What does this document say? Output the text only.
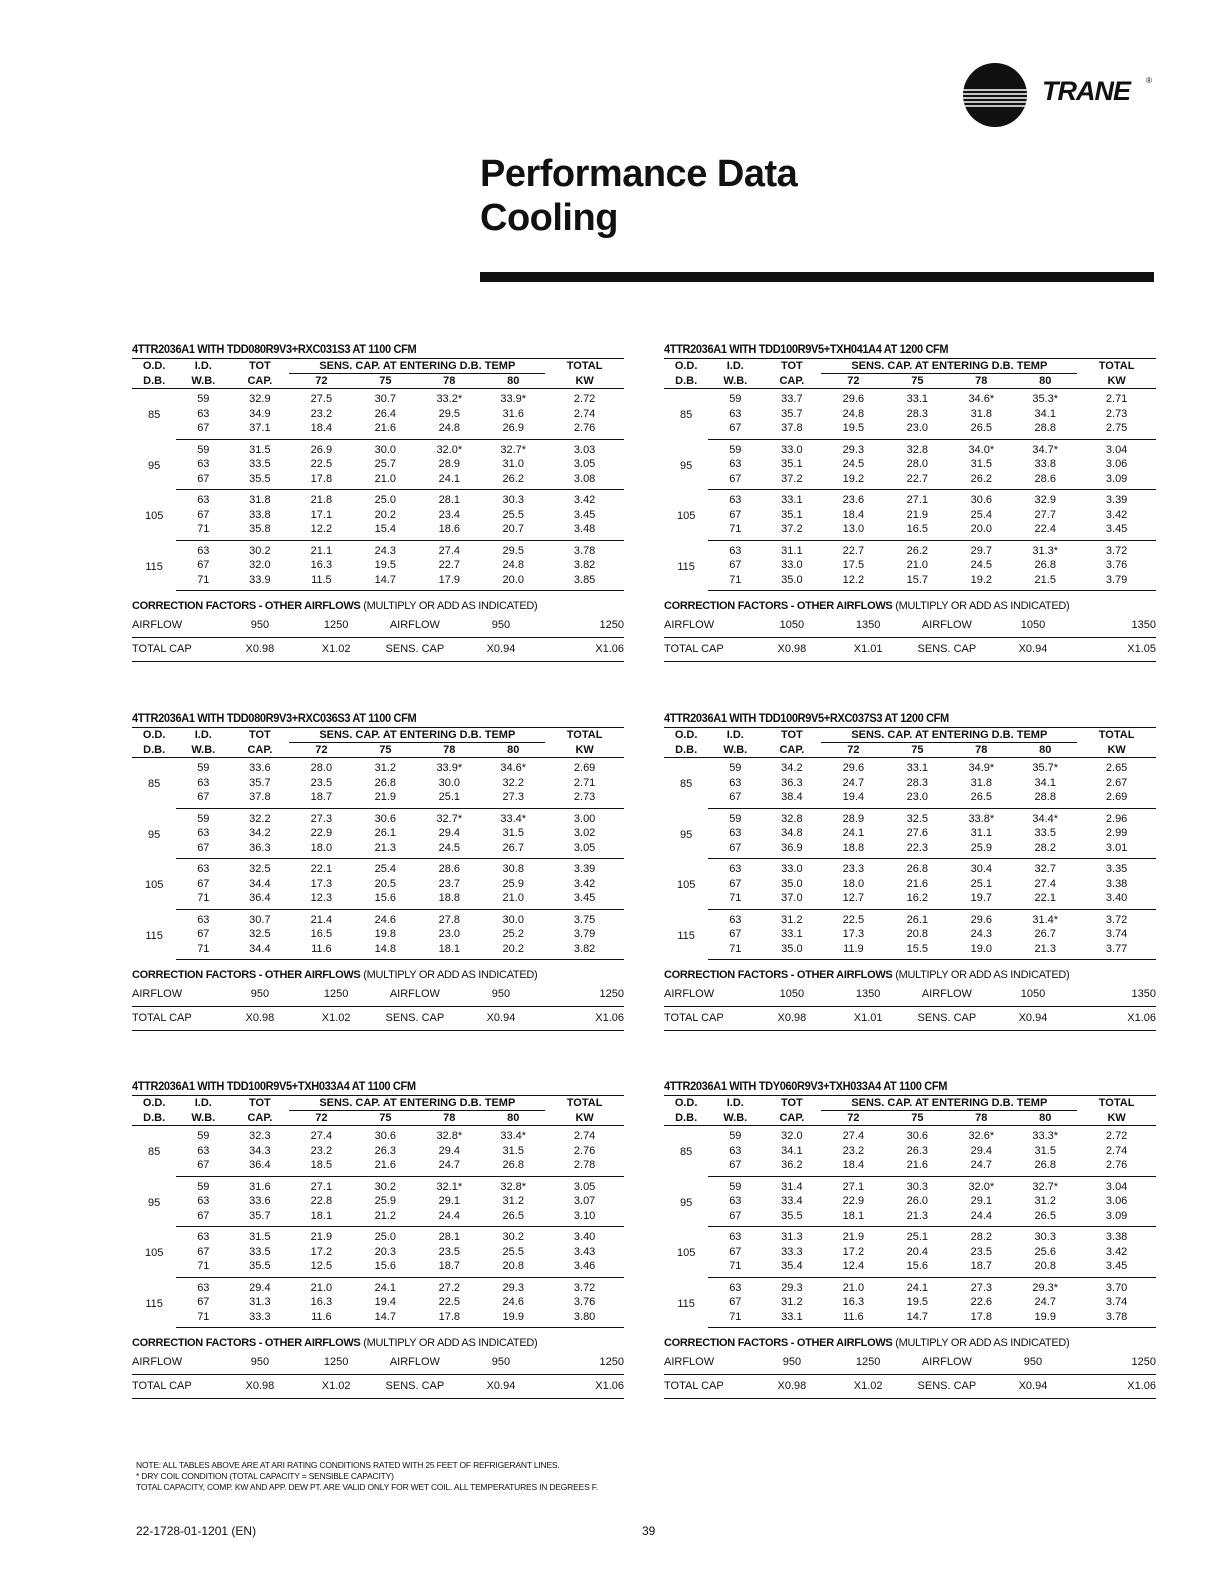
TRANE ®
Performance Data
Cooling
4TTR2036A1 WITH TDD080R9V3+RXC031S3 AT 1100 CFM
O.D.	I.D.	TOT	SENS. CAP. AT ENTERING D.B. TEMP				TOTAL
D.B.	W.B.	CAP.	72	75	78	80	KW
85	59	32.9	27.5	30.7	33.2*	33.9*	2.72
	63	34.9	23.2	26.4	29.5	31.6	2.74
	67	37.1	18.4	21.6	24.8	26.9	2.76
95	59	31.5	26.9	30.0	32.0*	32.7*	3.03
	63	33.5	22.5	25.7	28.9	31.0	3.05
	67	35.5	17.8	21.0	24.1	26.2	3.08
105	63	31.8	21.8	25.0	28.1	30.3	3.42
	67	33.8	17.1	20.2	23.4	25.5	3.45
	71	35.8	12.2	15.4	18.6	20.7	3.48
115	63	30.2	21.1	24.3	27.4	29.5	3.78
	67	32.0	16.3	19.5	22.7	24.8	3.82
	71	33.9	11.5	14.7	17.9	20.0	3.85
CORRECTION FACTORS - OTHER AIRFLOWS (MULTIPLY OR ADD AS INDICATED)
AIRFLOW	950	1250	AIRFLOW	950	1250
TOTAL CAP	X0.98	X1.02	SENS. CAP	X0.94	X1.06
4TTR2036A1 WITH TDD100R9V5+TXH041A4 AT 1200 CFM
O.D.	I.D.	TOT	SENS. CAP. AT ENTERING D.B. TEMP				TOTAL
D.B.	W.B.	CAP.	72	75	78	80	KW
85	59	33.7	29.6	33.1	34.6*	35.3*	2.71
	63	35.7	24.8	28.3	31.8	34.1	2.73
	67	37.8	19.5	23.0	26.5	28.8	2.75
95	59	33.0	29.3	32.8	34.0*	34.7*	3.04
	63	35.1	24.5	28.0	31.5	33.8	3.06
	67	37.2	19.2	22.7	26.2	28.6	3.09
105	63	33.1	23.6	27.1	30.6	32.9	3.39
	67	35.1	18.4	21.9	25.4	27.7	3.42
	71	37.2	13.0	16.5	20.0	22.4	3.45
115	63	31.1	22.7	26.2	29.7	31.3*	3.72
	67	33.0	17.5	21.0	24.5	26.8	3.76
	71	35.0	12.2	15.7	19.2	21.5	3.79
CORRECTION FACTORS - OTHER AIRFLOWS (MULTIPLY OR ADD AS INDICATED)
AIRFLOW	1050	1350	AIRFLOW	1050	1350
TOTAL CAP	X0.98	X1.01	SENS. CAP	X0.94	X1.05
4TTR2036A1 WITH TDD080R9V3+RXC036S3 AT 1100 CFM
O.D.	I.D.	TOT	SENS. CAP. AT ENTERING D.B. TEMP				TOTAL
D.B.	W.B.	CAP.	72	75	78	80	KW
85	59	33.6	28.0	31.2	33.9*	34.6*	2.69
	63	35.7	23.5	26.8	30.0	32.2	2.71
	67	37.8	18.7	21.9	25.1	27.3	2.73
95	59	32.2	27.3	30.6	32.7*	33.4*	3.00
	63	34.2	22.9	26.1	29.4	31.5	3.02
	67	36.3	18.0	21.3	24.5	26.7	3.05
105	63	32.5	22.1	25.4	28.6	30.8	3.39
	67	34.4	17.3	20.5	23.7	25.9	3.42
	71	36.4	12.3	15.6	18.8	21.0	3.45
115	63	30.7	21.4	24.6	27.8	30.0	3.75
	67	32.5	16.5	19.8	23.0	25.2	3.79
	71	34.4	11.6	14.8	18.1	20.2	3.82
CORRECTION FACTORS - OTHER AIRFLOWS (MULTIPLY OR ADD AS INDICATED)
AIRFLOW	950	1250	AIRFLOW	950	1250
TOTAL CAP	X0.98	X1.02	SENS. CAP	X0.94	X1.06
4TTR2036A1 WITH TDD100R9V5+RXC037S3 AT 1200 CFM
O.D.	I.D.	TOT	SENS. CAP. AT ENTERING D.B. TEMP				TOTAL
D.B.	W.B.	CAP.	72	75	78	80	KW
85	59	34.2	29.6	33.1	34.9*	35.7*	2.65
	63	36.3	24.7	28.3	31.8	34.1	2.67
	67	38.4	19.4	23.0	26.5	28.8	2.69
95	59	32.8	28.9	32.5	33.8*	34.4*	2.96
	63	34.8	24.1	27.6	31.1	33.5	2.99
	67	36.9	18.8	22.3	25.9	28.2	3.01
105	63	33.0	23.3	26.8	30.4	32.7	3.35
	67	35.0	18.0	21.6	25.1	27.4	3.38
	71	37.0	12.7	16.2	19.7	22.1	3.40
115	63	31.2	22.5	26.1	29.6	31.4*	3.72
	67	33.1	17.3	20.8	24.3	26.7	3.74
	71	35.0	11.9	15.5	19.0	21.3	3.77
CORRECTION FACTORS - OTHER AIRFLOWS (MULTIPLY OR ADD AS INDICATED)
AIRFLOW	1050	1350	AIRFLOW	1050	1350
TOTAL CAP	X0.98	X1.01	SENS. CAP	X0.94	X1.06
4TTR2036A1 WITH TDD100R9V5+TXH033A4 AT 1100 CFM
O.D.	I.D.	TOT	SENS. CAP. AT ENTERING D.B. TEMP				TOTAL
D.B.	W.B.	CAP.	72	75	78	80	KW
85	59	32.3	27.4	30.6	32.8*	33.4*	2.74
	63	34.3	23.2	26.3	29.4	31.5	2.76
	67	36.4	18.5	21.6	24.7	26.8	2.78
95	59	31.6	27.1	30.2	32.1*	32.8*	3.05
	63	33.6	22.8	25.9	29.1	31.2	3.07
	67	35.7	18.1	21.2	24.4	26.5	3.10
105	63	31.5	21.9	25.0	28.1	30.2	3.40
	67	33.5	17.2	20.3	23.5	25.5	3.43
	71	35.5	12.5	15.6	18.7	20.8	3.46
115	63	29.4	21.0	24.1	27.2	29.3	3.72
	67	31.3	16.3	19.4	22.5	24.6	3.76
	71	33.3	11.6	14.7	17.8	19.9	3.80
CORRECTION FACTORS - OTHER AIRFLOWS (MULTIPLY OR ADD AS INDICATED)
AIRFLOW	950	1250	AIRFLOW	950	1250
TOTAL CAP	X0.98	X1.02	SENS. CAP	X0.94	X1.06
4TTR2036A1 WITH TDY060R9V3+TXH033A4 AT 1100 CFM
O.D.	I.D.	TOT	SENS. CAP. AT ENTERING D.B. TEMP				TOTAL
D.B.	W.B.	CAP.	72	75	78	80	KW
85	59	32.0	27.4	30.6	32.6*	33.3*	2.72
	63	34.1	23.2	26.3	29.4	31.5	2.74
	67	36.2	18.4	21.6	24.7	26.8	2.76
95	59	31.4	27.1	30.3	32.0*	32.7*	3.04
	63	33.4	22.9	26.0	29.1	31.2	3.06
	67	35.5	18.1	21.3	24.4	26.5	3.09
105	63	31.3	21.9	25.1	28.2	30.3	3.38
	67	33.3	17.2	20.4	23.5	25.6	3.42
	71	35.4	12.4	15.6	18.7	20.8	3.45
115	63	29.3	21.0	24.1	27.3	29.3*	3.70
	67	31.2	16.3	19.5	22.6	24.7	3.74
	71	33.1	11.6	14.7	17.8	19.9	3.78
CORRECTION FACTORS - OTHER AIRFLOWS (MULTIPLY OR ADD AS INDICATED)
AIRFLOW	950	1250	AIRFLOW	950	1250
TOTAL CAP	X0.98	X1.02	SENS. CAP	X0.94	X1.06
NOTE: ALL TABLES ABOVE ARE AT ARI RATING CONDITIONS RATED WITH 25 FEET OF REFRIGERANT LINES.
* DRY COIL CONDITION (TOTAL CAPACITY = SENSIBLE CAPACITY)
TOTAL CAPACITY, COMP. KW AND APP. DEW PT. ARE VALID ONLY FOR WET COIL. ALL TEMPERATURES IN DEGREES F.
22-1728-01-1201 (EN)	39
